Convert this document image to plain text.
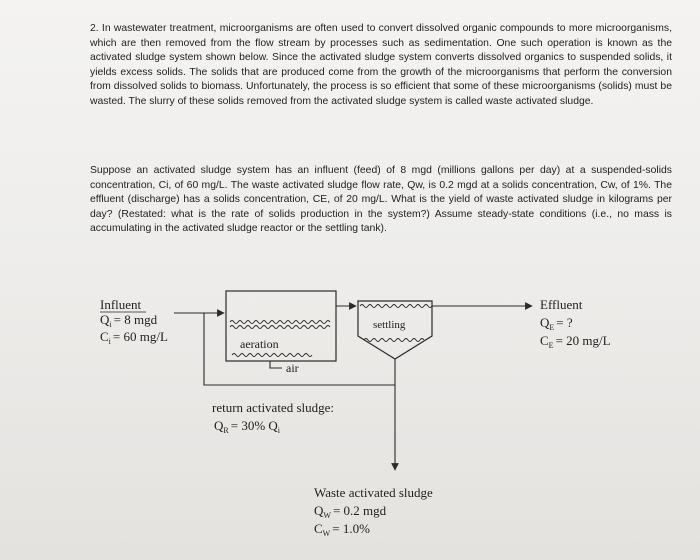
2. In wastewater treatment, microorganisms are often used to convert dissolved organic compounds to more microorganisms, which are then removed from the flow stream by processes such as sedimentation. One such operation is known as the activated sludge system shown below. Since the activated sludge system converts dissolved organics to suspended solids, it yields excess solids. The solids that are produced come from the growth of the microorganisms that perform the conversion from dissolved solids to biomass. Unfortunately, the process is so efficient that some of these microorganisms (solids) must be wasted. The slurry of these solids removed from the activated sludge system is called waste activated sludge.

Suppose an activated sludge system has an influent (feed) of 8 mgd (millions gallons per day) at a suspended-solids concentration, Ci, of 60 mg/L. The waste activated sludge flow rate, Qw, is 0.2 mgd at a solids concentration, Cw, of 1%. The effluent (discharge) has a solids concentration, CE, of 20 mg/L. What is the yield of waste activated sludge in kilograms per day? (Restated: what is the rate of solids production in the system?) Assume steady-state conditions (i.e., no mass is accumulating in the activated sludge reactor or the settling tank).

aeration
air
settling
Influent
$Q_i = 8$ mgd
$C_i = 60$ mg/L
Effluent
$Q_E$ = ?
$C_E = 20$ mg/L
return activated sludge:
$Q_R = 30\%$ $Q_i$
Waste activated sludge
$Q_W = 0.2$ mgd
$C_W = 1.0\%$
